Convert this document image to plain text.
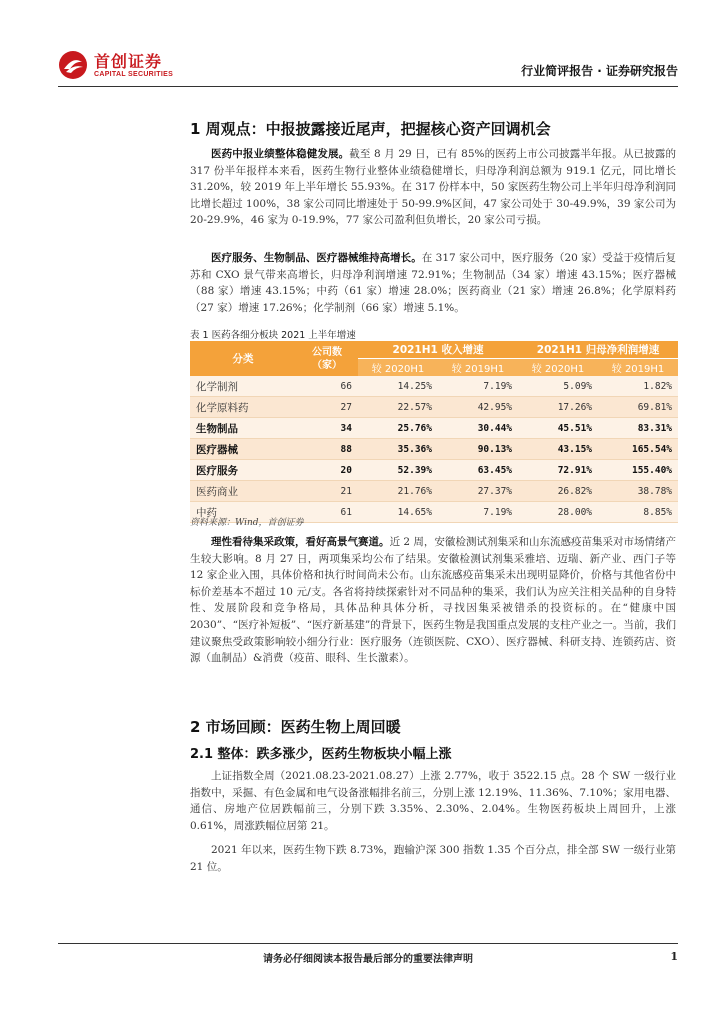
首创证券
CAPITAL SECURITIES	行业简评报告 · 证券研究报告
1 周观点：中报披露接近尾声，把握核心资产回调机会

医药中报业绩整体稳健发展。截至 8 月 29 日，已有 85%的医药上市公司披露半年报。从已披露的 317 份半年报样本来看，医药生物行业整体业绩稳健增长，归母净利润总额为 919.1 亿元，同比增长 31.20%，较 2019 年上半年增长 55.93%。在 317 份样本中，50 家医药生物公司上半年归母净利润同比增长超过 100%，38 家公司同比增速处于 50-99.9%区间，47 家公司处于 30-49.9%，39 家公司为 20-29.9%，46 家为 0-19.9%，77 家公司盈利但负增长，20 家公司亏损。

医疗服务、生物制品、医疗器械维持高增长。在 317 家公司中，医疗服务（20 家）受益于疫情后复苏和 CXO 景气带来高增长，归母净利润增速 72.91%；生物制品（34 家）增速 43.15%；医疗器械（88 家）增速 43.15%；中药（61 家）增速 28.0%；医药商业（21 家）增速 26.8%；化学原料药（27 家）增速 17.26%；化学制剂（66 家）增速 5.1%。

表 1 医药各细分板块 2021 上半年增速
分类	公司数（家）	2021H1 收入增速		2021H1 归母净利润增速	
		较 2020H1	较 2019H1	较 2020H1	较 2019H1
化学制剂	66	14.25%	7.19%	5.09%	1.82%
化学原料药	27	22.57%	42.95%	17.26%	69.81%
生物制品	34	25.76%	30.44%	45.51%	83.31%
医疗器械	88	35.36%	90.13%	43.15%	165.54%
医疗服务	20	52.39%	63.45%	72.91%	155.40%
医药商业	21	21.76%	27.37%	26.82%	38.78%
中药	61	14.65%	7.19%	28.00%	8.85%
资料来源：Wind，首创证券

理性看待集采政策，看好高景气赛道。近 2 周，安徽检测试剂集采和山东流感疫苗集采对市场情绪产生较大影响。8 月 27 日，两项集采均公布了结果。安徽检测试剂集采雅培、迈瑞、新产业、西门子等 12 家企业入围，具体价格和执行时间尚未公布。山东流感疫苗集采未出现明显降价，价格与其他省份中标价差基本不超过 10 元/支。各省将持续探索针对不同品种的集采，我们认为应关注相关品种的自身特性、发展阶段和竞争格局，具体品种具体分析，寻找因集采被错杀的投资标的。在“健康中国 2030”、“医疗补短板”、“医疗新基建”的背景下，医药生物是我国重点发展的支柱产业之一。当前，我们建议聚焦受政策影响较小细分行业：医疗服务（连锁医院、CXO）、医疗器械、科研支持、连锁药店、资源（血制品）&消费（疫苗、眼科、生长激素）。

2 市场回顾：医药生物上周回暖
2.1 整体：跌多涨少，医药生物板块小幅上涨

上证指数全周（2021.08.23-2021.08.27）上涨 2.77%，收于 3522.15 点。28 个 SW 一级行业指数中，采掘、有色金属和电气设备涨幅排名前三，分别上涨 12.19%、11.36%、7.10%；家用电器、通信、房地产位居跌幅前三，分别下跌 3.35%、2.30%、2.04%。生物医药板块上周回升，上涨 0.61%，周涨跌幅位居第 21。

2021 年以来，医药生物下跌 8.73%，跑输沪深 300 指数 1.35 个百分点，排全部 SW 一级行业第 21 位。

请务必仔细阅读本报告最后部分的重要法律声明	1
